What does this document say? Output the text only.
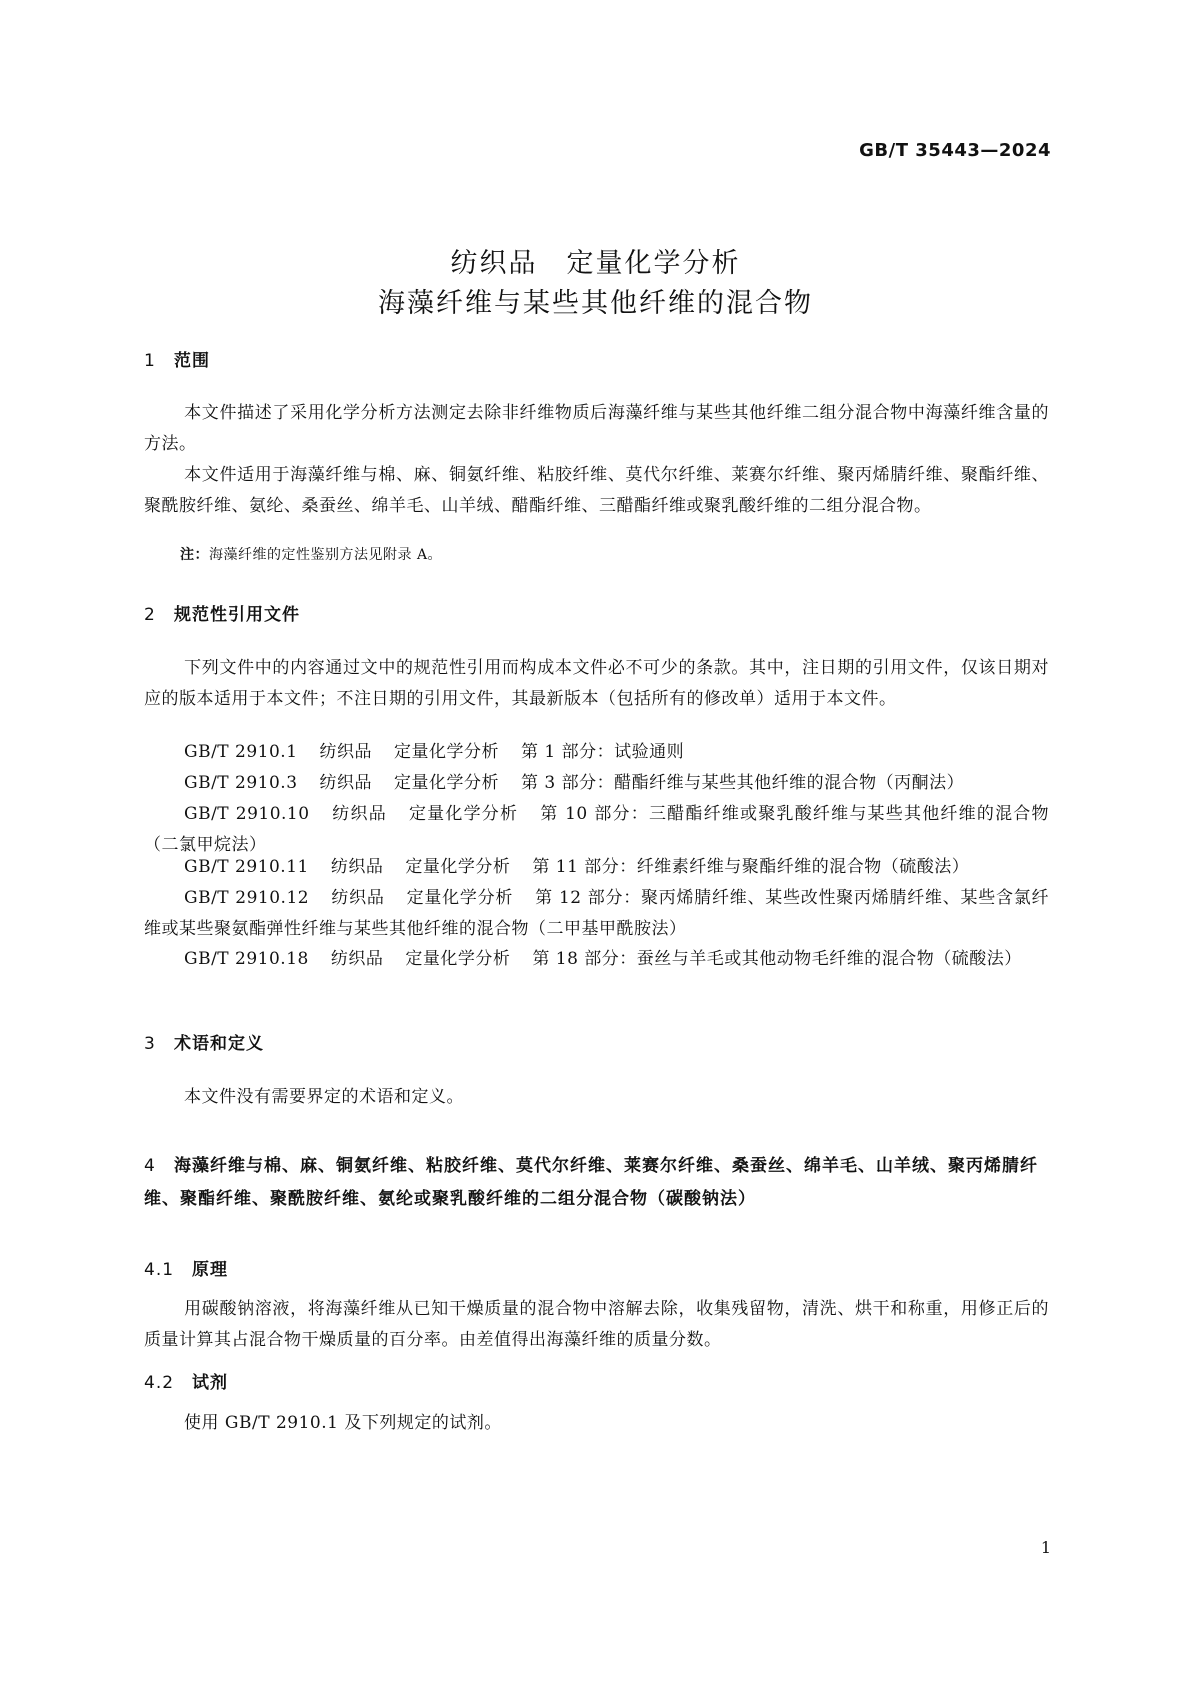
GB/T 35443—2024
纺织品　定量化学分析
海藻纤维与某些其他纤维的混合物
1 范围
本文件描述了采用化学分析方法测定去除非纤维物质后海藻纤维与某些其他纤维二组分混合物中海藻纤维含量的方法。
本文件适用于海藻纤维与棉、麻、铜氨纤维、粘胶纤维、莫代尔纤维、莱赛尔纤维、聚丙烯腈纤维、聚酯纤维、聚酰胺纤维、氨纶、桑蚕丝、绵羊毛、山羊绒、醋酯纤维、三醋酯纤维或聚乳酸纤维的二组分混合物。
注：海藻纤维的定性鉴别方法见附录 A。
2 规范性引用文件
下列文件中的内容通过文中的规范性引用而构成本文件必不可少的条款。其中，注日期的引用文件，仅该日期对应的版本适用于本文件；不注日期的引用文件，其最新版本（包括所有的修改单）适用于本文件。
GB/T 2910.1 纺织品 定量化学分析 第 1 部分：试验通则
GB/T 2910.3 纺织品 定量化学分析 第 3 部分：醋酯纤维与某些其他纤维的混合物（丙酮法）
GB/T 2910.10 纺织品 定量化学分析 第 10 部分：三醋酯纤维或聚乳酸纤维与某些其他纤维的混合物（二氯甲烷法）
GB/T 2910.11 纺织品 定量化学分析 第 11 部分：纤维素纤维与聚酯纤维的混合物（硫酸法）
GB/T 2910.12 纺织品 定量化学分析 第 12 部分：聚丙烯腈纤维、某些改性聚丙烯腈纤维、某些含氯纤维或某些聚氨酯弹性纤维与某些其他纤维的混合物（二甲基甲酰胺法）
GB/T 2910.18 纺织品 定量化学分析 第 18 部分：蚕丝与羊毛或其他动物毛纤维的混合物（硫酸法）
3 术语和定义
本文件没有需要界定的术语和定义。
4 海藻纤维与棉、麻、铜氨纤维、粘胶纤维、莫代尔纤维、莱赛尔纤维、桑蚕丝、绵羊毛、山羊绒、聚丙烯腈纤维、聚酯纤维、聚酰胺纤维、氨纶或聚乳酸纤维的二组分混合物（碳酸钠法）
4.1 原理
用碳酸钠溶液，将海藻纤维从已知干燥质量的混合物中溶解去除，收集残留物，清洗、烘干和称重，用修正后的质量计算其占混合物干燥质量的百分率。由差值得出海藻纤维的质量分数。
4.2 试剂
使用 GB/T 2910.1 及下列规定的试剂。
1
